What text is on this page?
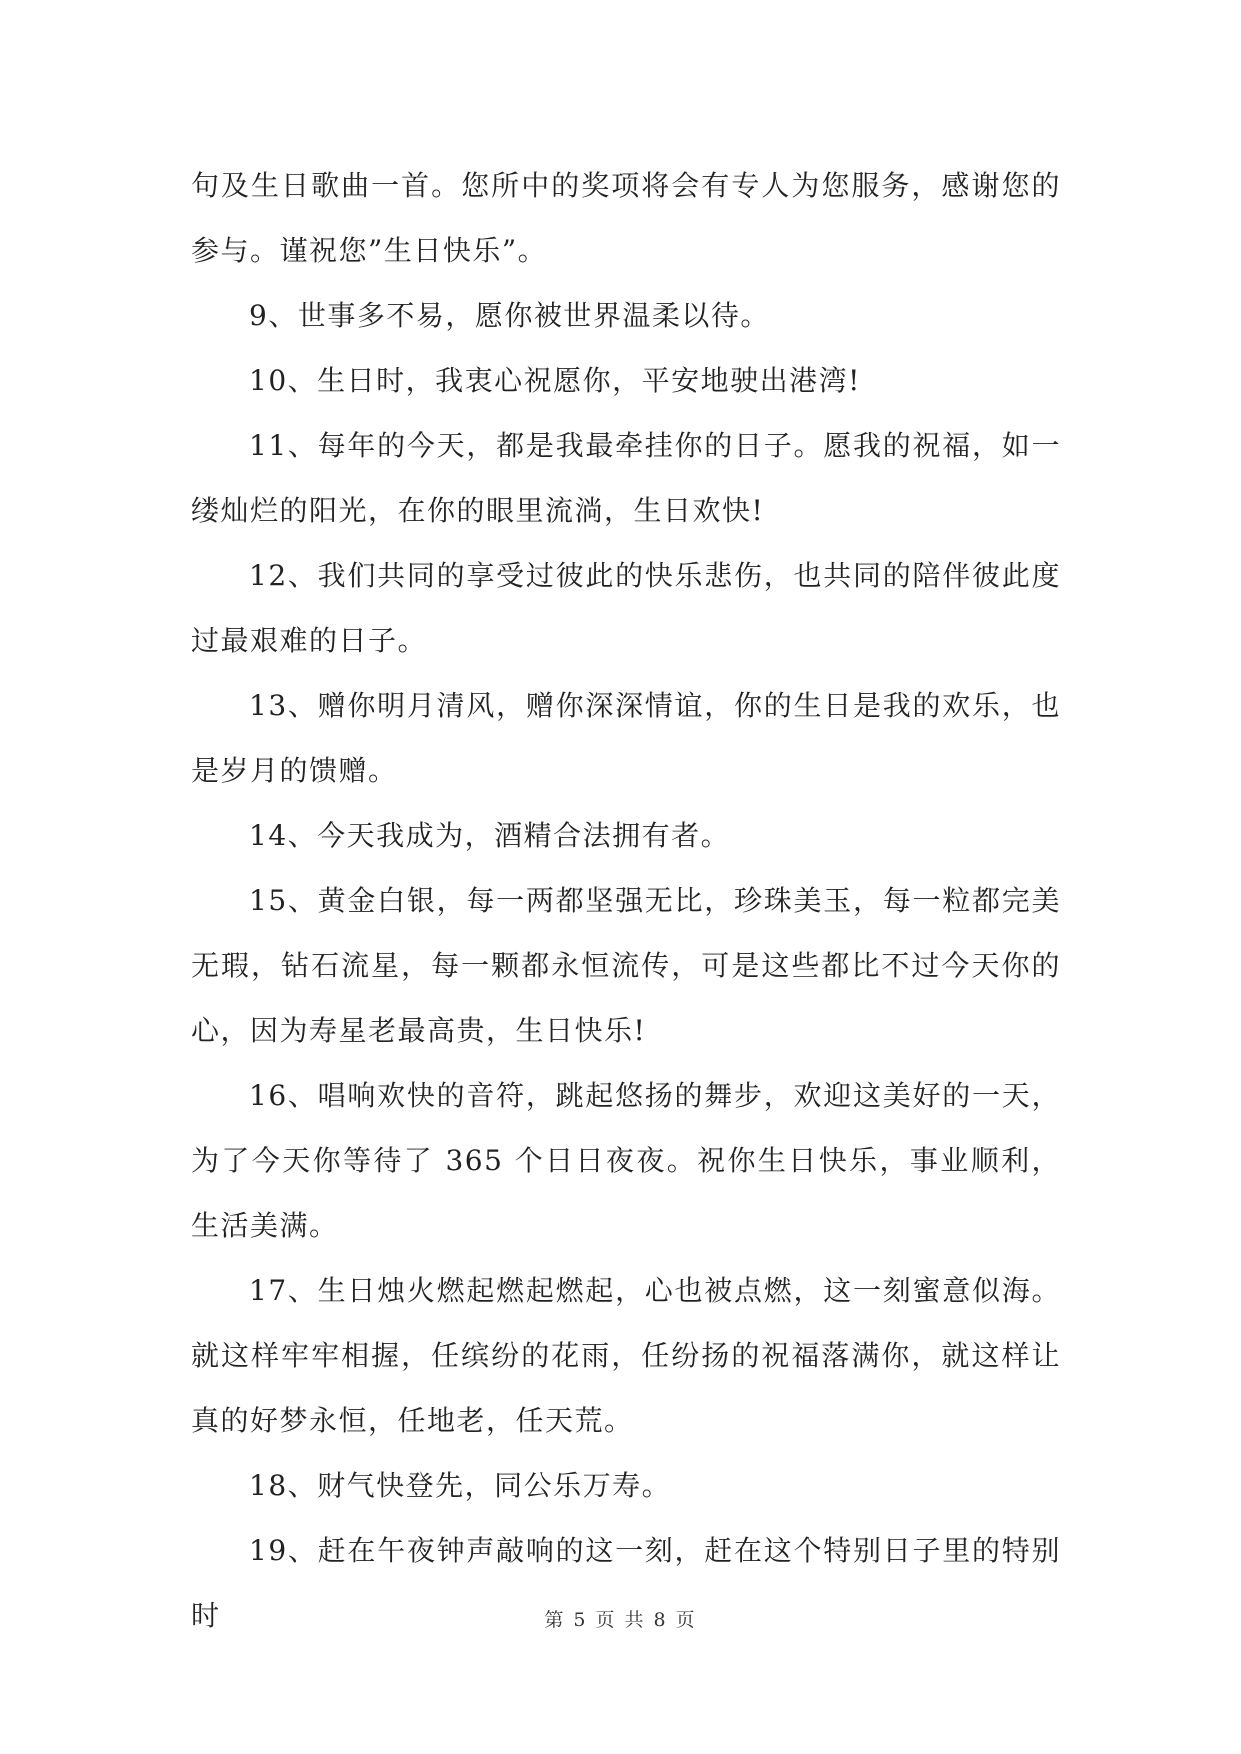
句及生日歌曲一首。您所中的奖项将会有专人为您服务，感谢您的参与。谨祝您”生日快乐”。

9、世事多不易，愿你被世界温柔以待。

10、生日时，我衷心祝愿你，平安地驶出港湾!

11、每年的今天，都是我最牵挂你的日子。愿我的祝福，如一缕灿烂的阳光，在你的眼里流淌，生日欢快!

12、我们共同的享受过彼此的快乐悲伤，也共同的陪伴彼此度过最艰难的日子。

13、赠你明月清风，赠你深深情谊，你的生日是我的欢乐，也是岁月的馈赠。

14、今天我成为，酒精合法拥有者。

15、黄金白银，每一两都坚强无比，珍珠美玉，每一粒都完美无瑕，钻石流星，每一颗都永恒流传，可是这些都比不过今天你的心，因为寿星老最高贵，生日快乐!

16、唱响欢快的音符，跳起悠扬的舞步，欢迎这美好的一天，为了今天你等待了 365 个日日夜夜。祝你生日快乐，事业顺利，生活美满。

17、生日烛火燃起燃起燃起，心也被点燃，这一刻蜜意似海。就这样牢牢相握，任缤纷的花雨，任纷扬的祝福落满你，就这样让真的好梦永恒，任地老，任天荒。

18、财气快登先，同公乐万寿。

19、赶在午夜钟声敲响的这一刻，赶在这个特别日子里的特别时	第 5 页 共 8 页
